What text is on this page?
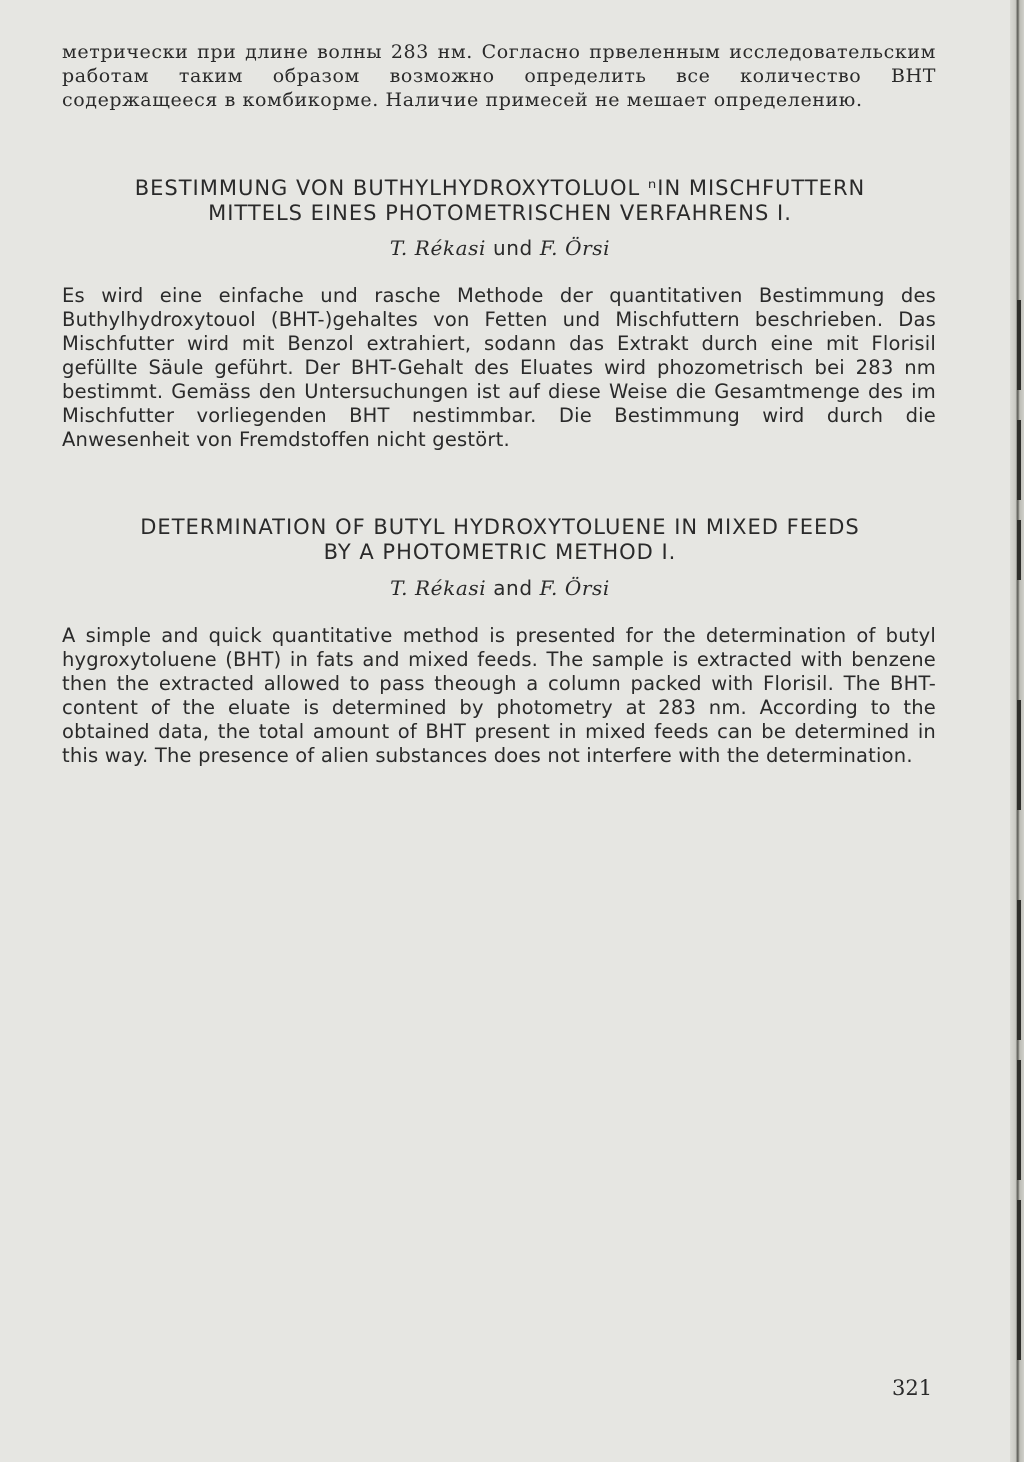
метрически при длине волны 283 нм. Согласно првеленным исследовательским работам таким образом возможно определить все количество ВНТ содержащееся в комбикорме. Наличие примесей не мешает определению.

BESTIMMUNG VON BUTHYLHYDROXYTOLUOL ⁿIN MISCHFUTTERN
MITTELS EINES PHOTOMETRISCHEN VERFAHRENS I.
T. Rékasi und F. Örsi

Es wird eine einfache und rasche Methode der quantitativen Bestimmung des Buthylhydroxytouol (BHT-)gehaltes von Fetten und Mischfuttern beschrieben. Das Mischfutter wird mit Benzol extrahiert, sodann das Extrakt durch eine mit Florisil gefüllte Säule geführt. Der BHT-Gehalt des Eluates wird phozometrisch bei 283 nm bestimmt. Gemäss den Untersuchungen ist auf diese Weise die Gesamtmenge des im Mischfutter vorliegenden BHT nestimmbar. Die Bestimmung wird durch die Anwesenheit von Fremdstoffen nicht gestört.

DETERMINATION OF BUTYL HYDROXYTOLUENE IN MIXED FEEDS
BY A PHOTOMETRIC METHOD I.
T. Rékasi and F. Örsi

A simple and quick quantitative method is presented for the determination of butyl hygroxytoluene (BHT) in fats and mixed feeds. The sample is extracted with benzene then the extracted allowed to pass theough a column packed with Florisil. The BHT-content of the eluate is determined by photometry at 283 nm. According to the obtained data, the total amount of BHT present in mixed feeds can be determined in this way. The presence of alien substances does not interfere with the determination.

321
